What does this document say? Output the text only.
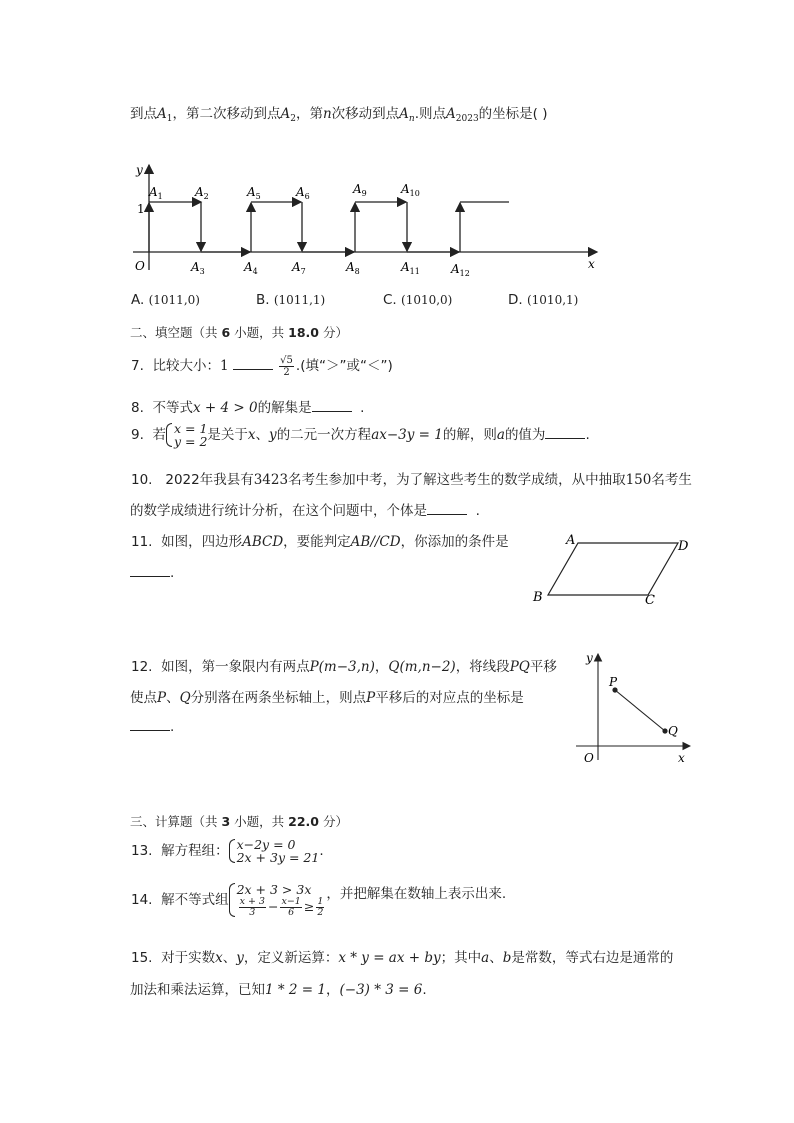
到点$A_1$，第二次移动到点$A_2$，第n次移动到点$A_n$.则点$A_{2023}$的坐标是( )
y
x
O
1
$A_1$	$A_2$
$A_3$	$A_4$
$A_5$	$A_6$
$A_7$	$A_8$
$A_9$	$A_{10}$
$A_{11}$	$A_{12}$
A. (1011,0)	B. (1011,1)	C. (1010,0)	D. (1010,1)
二、填空题（共 6 小题，共 18.0 分）
7. 比较大小：1	$\frac{√5}{2}$ .(填“＞”或“＜”)
8. 不等式x + 4 > 0的解集是	.
9. 若 x = 1
y = 2是关于x、y的二元一次方程ax−3y = 1的解，则a的值为	.
10. 2022年我县有3423名考生参加中考，为了解这些考生的数学成绩，从中抽取150名考生
的数学成绩进行统计分析，在这个问题中，个体是	.
11. 如图，四边形ABCD，要能判定AB//CD，你添加的条件是
.
A	D
B	C
12. 如图，第一象限内有两点P(m−3,n)，Q(m,n−2)，将线段PQ平移
使点P、Q分别落在两条坐标轴上，则点P平移后的对应点的坐标是
.
y
x
O
P
Q
三、计算题（共 3 小题，共 22.0 分）
13. 解方程组： x−2y = 0
2x + 3y = 21.
14. 解不等式组2x + 3 > 3x

$\frac{x + 3}{3} - \frac{x-1}{6} \ge \frac{1}{2}$
，并把解集在数轴上表示出来.
15. 对于实数x、y，定义新运算：x * y = ax + by；其中a、b是常数，等式右边是通常的
加法和乘法运算，已知1 * 2 = 1，(−3) * 3 = 6.
